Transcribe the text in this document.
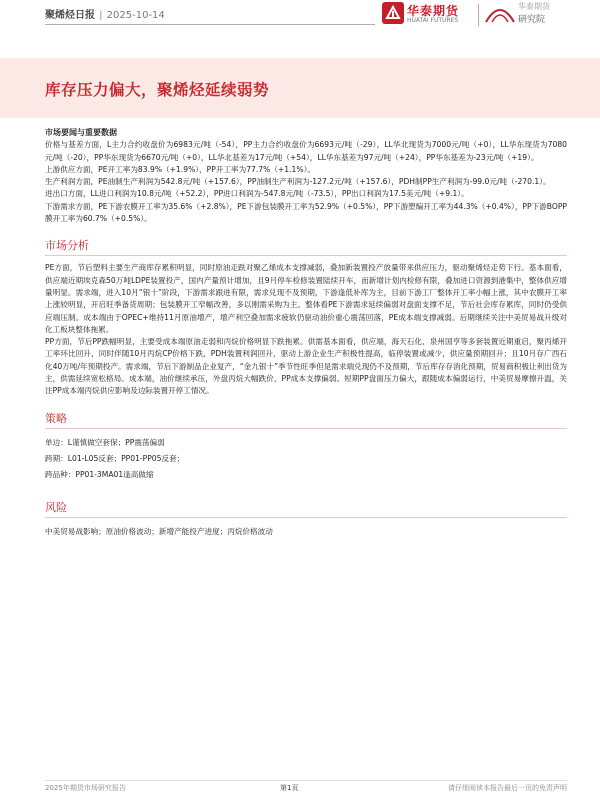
聚烯烃日报 | 2025-10-14	华泰期货
HUATAI FUTURES
华泰期货
研究院
库存压力偏大，聚烯烃延续弱势

市场要闻与重要数据

价格与基差方面，L主力合约收盘价为6983元/吨（-54），PP主力合约收盘价为6693元/吨（-29），LL华北现货为7000元/吨（+0），LL华东现货为7080元/吨（-20），PP华东现货为6670元/吨（+0），LL华北基差为17元/吨（+54），LL华东基差为97元/吨（+24），PP华东基差为-23元/吨（+19）。

上游供应方面，PE开工率为83.9%（+1.9%），PP开工率为77.7%（+1.1%）。

生产利润方面，PE油制生产利润为542.8元/吨（+157.6），PP油制生产利润为-127.2元/吨（+157.6），PDH制PP生产利润为-99.0元/吨（-270.1）。

进出口方面，LL进口利润为10.8元/吨（+52.2），PP进口利润为-547.8元/吨（-73.5），PP出口利润为17.5美元/吨（+9.1）。

下游需求方面，PE下游农膜开工率为35.6%（+2.8%），PE下游包装膜开工率为52.9%（+0.5%），PP下游塑编开工率为44.3%（+0.4%），PP下游BOPP膜开工率为60.7%（+0.5%）。

市场分析

PE方面，节后塑料主要生产商库存累积明显，同时原油走跌对聚乙烯成本支撑减弱，叠加新装置投产放量带来供应压力，驱动聚烯烃走势下行。基本面看，供应端近期埃克森50万吨LDPE装置投产，国内产量预计增加，且9月停车检修装置陆续开车，而新增计划内检修有限，叠加进口资源到港集中，整体供应增量明显。需求端，进入10月“银十”阶段，下游需求跟进有限，需求兑现不及预期，下游逢低补库为主，目前下游工厂整体开工率小幅上涨，其中农膜开工率上涨较明显，开启旺季备货周期；包装膜开工窄幅改善，多以刚需采购为主。整体看PE下游需求延续偏弱对盘面支撑不足，节后社会库存累库，同时仍受供应端压制。成本端由于OPEC+维持11月原油增产，增产利空叠加需求疲软仍驱动油价重心震荡回落，PE成本端支撑减弱。后期继续关注中美贸易战升级对化工板块整体拖累。

PP方面，节后PP跌幅明显，主要受成本端原油走弱和丙烷价格明显下跌拖累。供需基本面看，供应端，海天石化、泉州国亨等多套装置近期重启，聚丙烯开工率环比回升，同时伴随10月丙烷CP价格下跌，PDH装置利润回升，驱动上游企业生产积极性提高，临停装置或减少，供应量预期回升；且10月存广西石化40万吨/年预期投产。需求端，节后下游制品企业复产，“金九银十”季节性旺季但是需求端兑现仍不及预期，节后库存存消化预期，贸易商积极让利出货为主，供需延续宽松格局。成本端，油价继续承压，外盘丙烷大幅跌价，PP成本支撑偏弱。短期PP盘面压力偏大，跟随成本偏弱运行，中美贸易摩擦升温，关注PP成本端丙烷供应影响及边际装置开停工情况。

策略

单边：L谨慎做空套保；PP震荡偏弱

跨期：L01-L05反套；PP01-PP05反套；

跨品种：PP01-3MA01逢高做缩

风险

中美贸易战影响；原油价格波动；新增产能投产进度；丙烷价格波动

2025年期货市场研究报告	第1页	请仔细阅读本报告最后一页的免责声明
